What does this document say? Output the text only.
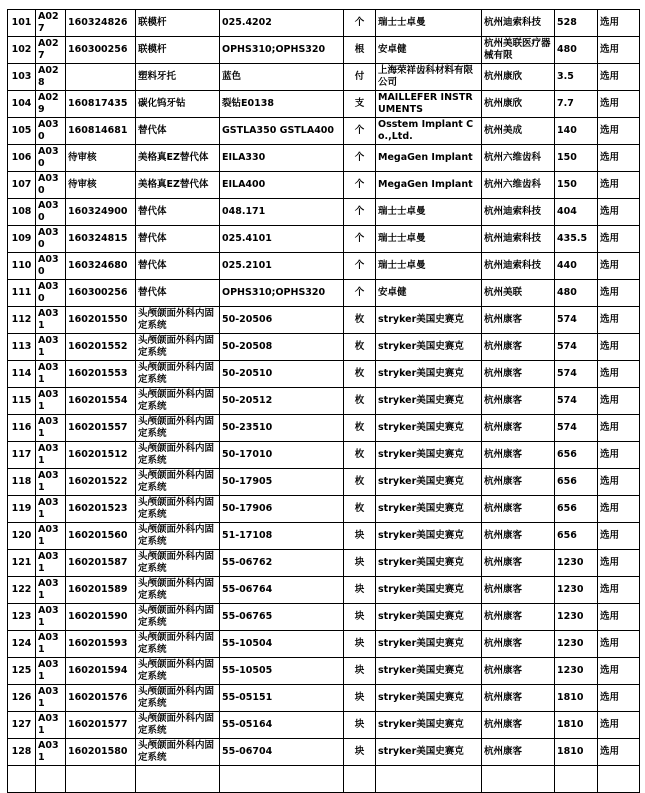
101	A027	160324826	联模杆	025.4202	个	瑞士士卓曼	杭州迪索科技	528	选用
102	A027	160300256	联模杆	OPHS310;OPHS320	根	安卓健	杭州美联医疗器械有限	480	选用
103	A028		塑料牙托	蓝色	付	上海荣祥齿科材料有限公司	杭州康欣	3.5	选用
104	A029	160817435	碳化钨牙钻	裂钻E0138	支	MAILLEFER INSTRUMENTS	杭州康欣	7.7	选用
105	A030	160814681	替代体	GSTLA350 GSTLA400	个	Osstem Implant Co.,Ltd.	杭州美成	140	选用
106	A030	待审核	美格真EZ替代体	EILA330	个	MegaGen Implant	杭州六维齿科	150	选用
107	A030	待审核	美格真EZ替代体	EILA400	个	MegaGen Implant	杭州六维齿科	150	选用
108	A030	160324900	替代体	048.171	个	瑞士士卓曼	杭州迪索科技	404	选用
109	A030	160324815	替代体	025.4101	个	瑞士士卓曼	杭州迪索科技	435.5	选用
110	A030	160324680	替代体	025.2101	个	瑞士士卓曼	杭州迪索科技	440	选用
111	A030	160300256	替代体	OPHS310;OPHS320	个	安卓健	杭州美联	480	选用
112	A031	160201550	头颅颌面外科内固定系统	50-20506	枚	stryker美国史赛克	杭州康客	574	选用
113	A031	160201552	头颅颌面外科内固定系统	50-20508	枚	stryker美国史赛克	杭州康客	574	选用
114	A031	160201553	头颅颌面外科内固定系统	50-20510	枚	stryker美国史赛克	杭州康客	574	选用
115	A031	160201554	头颅颌面外科内固定系统	50-20512	枚	stryker美国史赛克	杭州康客	574	选用
116	A031	160201557	头颅颌面外科内固定系统	50-23510	枚	stryker美国史赛克	杭州康客	574	选用
117	A031	160201512	头颅颌面外科内固定系统	50-17010	枚	stryker美国史赛克	杭州康客	656	选用
118	A031	160201522	头颅颌面外科内固定系统	50-17905	枚	stryker美国史赛克	杭州康客	656	选用
119	A031	160201523	头颅颌面外科内固定系统	50-17906	枚	stryker美国史赛克	杭州康客	656	选用
120	A031	160201560	头颅颌面外科内固定系统	51-17108	块	stryker美国史赛克	杭州康客	656	选用
121	A031	160201587	头颅颌面外科内固定系统	55-06762	块	stryker美国史赛克	杭州康客	1230	选用
122	A031	160201589	头颅颌面外科内固定系统	55-06764	块	stryker美国史赛克	杭州康客	1230	选用
123	A031	160201590	头颅颌面外科内固定系统	55-06765	块	stryker美国史赛克	杭州康客	1230	选用
124	A031	160201593	头颅颌面外科内固定系统	55-10504	块	stryker美国史赛克	杭州康客	1230	选用
125	A031	160201594	头颅颌面外科内固定系统	55-10505	块	stryker美国史赛克	杭州康客	1230	选用
126	A031	160201576	头颅颌面外科内固定系统	55-05151	块	stryker美国史赛克	杭州康客	1810	选用
127	A031	160201577	头颅颌面外科内固定系统	55-05164	块	stryker美国史赛克	杭州康客	1810	选用
128	A031	160201580	头颅颌面外科内固定系统	55-06704	块	stryker美国史赛克	杭州康客	1810	选用
